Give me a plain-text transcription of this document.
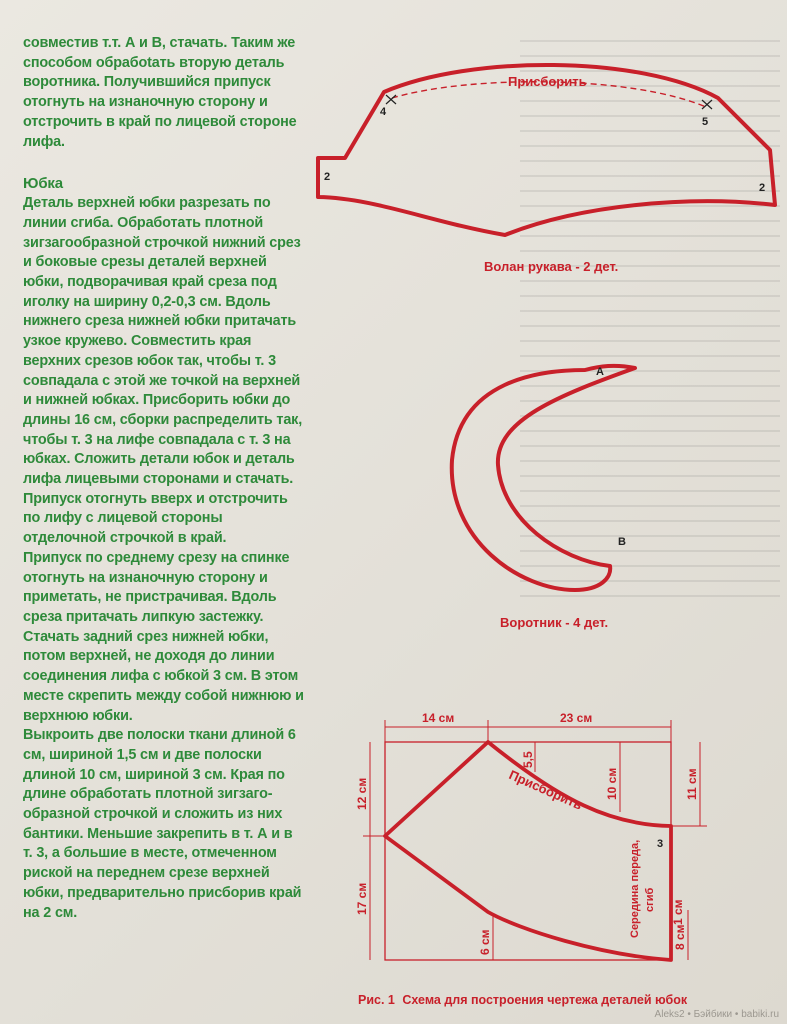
совместив т.т. А и В, стачать. Таким же способом обрабоtать вторую деталь воротника. Получившийся припуск отогнуть на изнаночную сторону и отстрочить в край по лицевой стороне лифа.

Юбка

Деталь верхней юбки разрезать по линии сгиба. Обработать плотной зигзагообразной строчкой нижний срез и боковые срезы деталей верхней юбки, подворачивая край среза под иголку на ширину 0,2-0,3 см. Вдоль нижнего среза нижней юбки притачать узкое кружево. Совместить края верхних срезов юбок так, чтобы т. 3 совпадала с этой же точкой на верхней и нижней юбках. Присборить юбки до длины 16 см, сборки распределить так, чтобы т. 3 на лифе совпадала с т. 3 на юбках. Сложить детали юбок и деталь лифа лицевыми сторонами и стачать. Припуск отогнуть вверх и отстрочить по лифу с лицевой стороны отделочной строчкой в край.

Припуск по среднему срезу на спинке отогнуть на изнаночную сторону и приметать, не пристрачивая. Вдоль среза притачать липкую застежку. Стачать задний срез нижней юбки, потом верхней, не доходя до линии соединения лифа с юбкой 3 см. В этом месте скрепить между собой нижнюю и верхнюю юбки.

Выкроить две полоски ткани длиной 6 см, шириной 1,5 см и две полоски длиной 10 см, шириной 3 см. Края по длине обработать плотной зигзаго-образной строчкой и сложить из них бантики. Меньшие закрепить в т. А и в т. 3, а большие в месте, отмеченном риской на переднем срезе верхней юбки, предварительно присборив край на 2 см.

Присборить
4
5
2
2
Волан рукава - 2 дет.
А
В
Воротник - 4 дет.
14 см	23 см
12 см
17 см
11 см
5,5
10 см
6 см	8 см
1 см
Присборить
Середина переда, сгиб
3
Рис. 1 Схема для построения чертежа деталей юбок
Aleks2 • Бэйбики • babiki.ru
